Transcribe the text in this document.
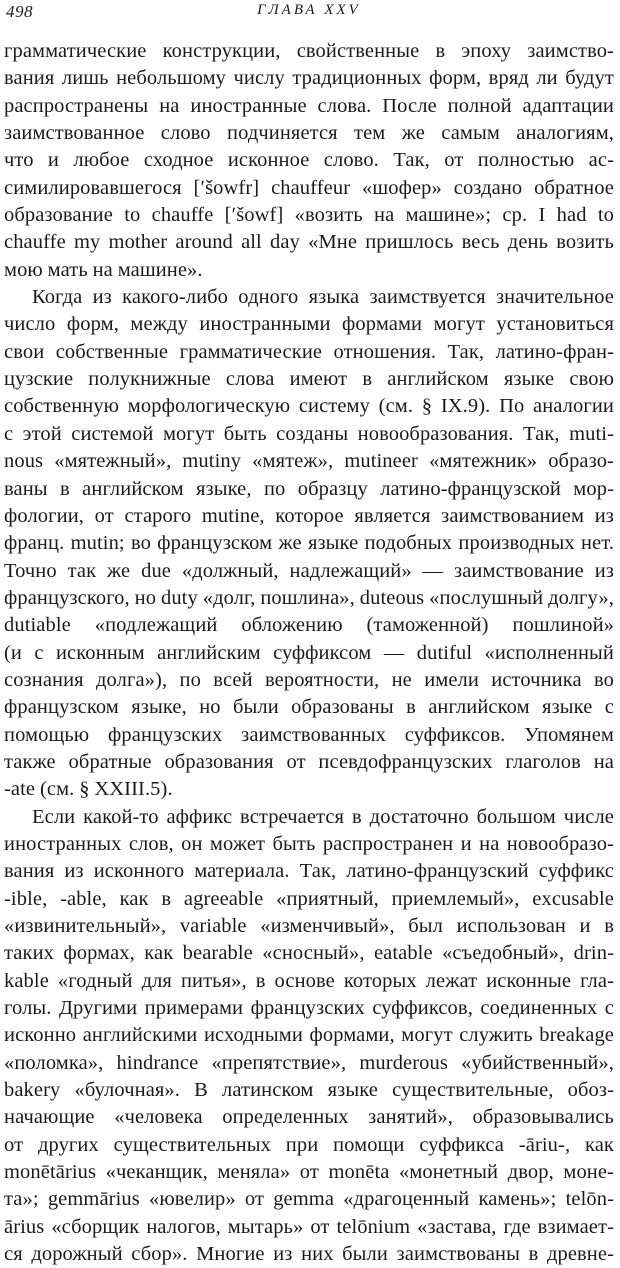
498	ГЛАВА XXV
грамматические конструкции, свойственные в эпоху заимство-
вания лишь небольшому числу традиционных форм, вряд ли будут
распространены на иностранные слова. После полной адаптации
заимствованное слово подчиняется тем же самым аналогиям,
что и любое сходное исконное слово. Так, от полностью ас-
симилировавшегося [ʹšowfr] chauffeur «шофер» создано обратное
образование to chauffe [ʹšowf] «возить на машине»; ср. I had to
chauffe my mother around all day «Мне пришлось весь день возить
мою мать на машине».
Когда из какого-либо одного языка заимствуется значительное
число форм, между иностранными формами могут установиться
свои собственные грамматические отношения. Так, латино-фран-
цузские полукнижные слова имеют в английском языке свою
собственную морфологическую систему (см. § IX.9). По аналогии
с этой системой могут быть созданы новообразования. Так, muti-
nous «мятежный», mutiny «мятеж», mutineer «мятежник» образо-
ваны в английском языке, по образцу латино-французской мор-
фологии, от старого mutine, которое является заимствованием из
франц. mutin; во французском же языке подобных производных нет.
Точно так же due «должный, надлежащий» — заимствование из
французского, но duty «долг, пошлина», duteous «послушный долгу»,
dutiable «подлежащий обложению (таможенной) пошлиной»
(и с исконным английским суффиксом — dutiful «исполненный
сознания долга»), по всей вероятности, не имели источника во
французском языке, но были образованы в английском языке с
помощью французских заимствованных суффиксов. Упомянем
также обратные образования от псевдофранцузских глаголов на
-ate (см. § XXIII.5).
Если какой-то аффикс встречается в достаточно большом числе
иностранных слов, он может быть распространен и на новообразо-
вания из исконного материала. Так, латино-французский суффикс
-ible, -able, как в agreeable «приятный, приемлемый», excusable
«извинительный», variable «изменчивый», был использован и в
таких формах, как bearable «сносный», eatable «съедобный», drin-
kable «годный для питья», в основе которых лежат исконные гла-
голы. Другими примерами французских суффиксов, соединенных с
исконно английскими исходными формами, могут служить breakage
«поломка», hindrance «препятствие», murderous «убийственный»,
bakery «булочная». В латинском языке существительные, обоз-
начающие «человека определенных занятий», образовывались
от других существительных при помощи суффикса -āriu-, как
monētārius «чеканщик, меняла» от monēta «монетный двор, моне-
та»; gemmārius «ювелир» от gemma «драгоценный камень»; telōn-
ārius «сборщик налогов, мытарь» от telōnium «застава, где взимает-
ся дорожный сбор». Многие из них были заимствованы в древне-
